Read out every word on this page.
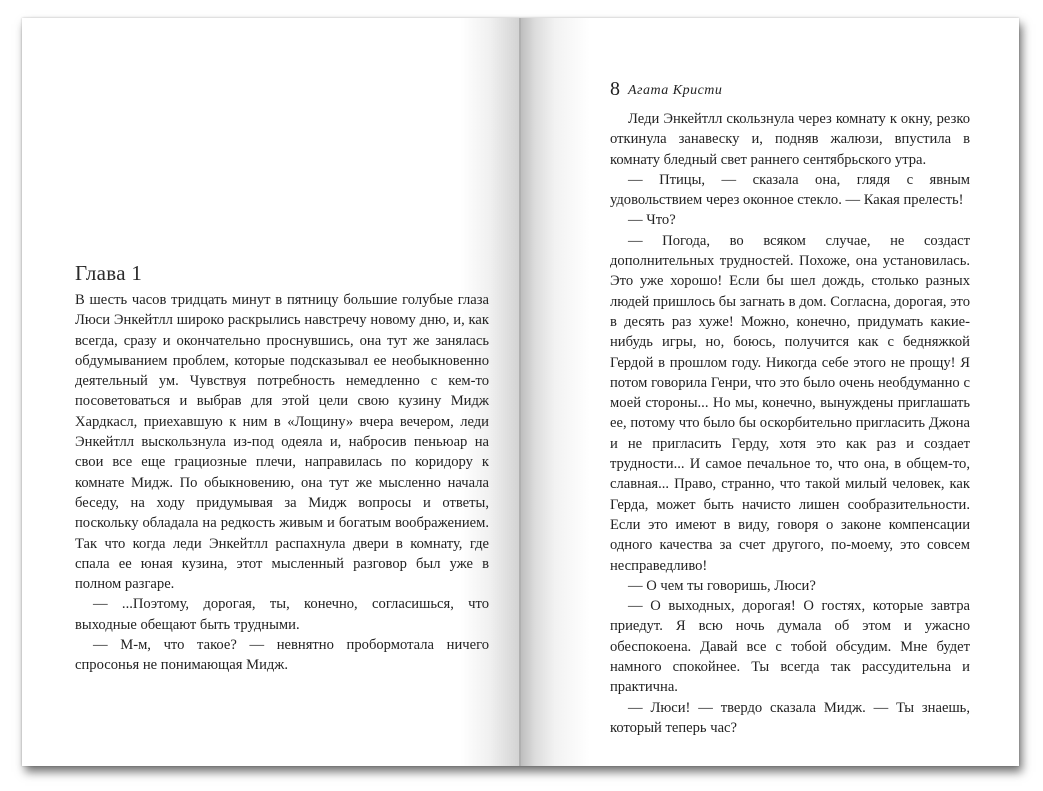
Глава 1

В шесть часов тридцать минут в пятницу большие голубые глаза Люси Энкейтлл широко раскрылись навстречу новому дню, и, как всегда, сразу и окончательно проснувшись, она тут же занялась обдумыванием проблем, которые подсказывал ее необыкновенно деятельный ум. Чувствуя потребность немедленно с кем-то посоветоваться и выбрав для этой цели свою кузину Мидж Хардкасл, приехавшую к ним в «Лощину» вчера вечером, леди Энкейтлл выскользнула из-под одеяла и, набросив пеньюар на свои все еще грациозные плечи, направилась по коридору к комнате Мидж. По обыкновению, она тут же мысленно начала беседу, на ходу придумывая за Мидж вопросы и ответы, поскольку обладала на редкость живым и богатым воображением. Так что когда леди Энкейтлл распахнула двери в комнату, где спала ее юная кузина, этот мысленный разговор был уже в полном разгаре.

— ...Поэтому, дорогая, ты, конечно, согласишься, что выходные обещают быть трудными.

— М-м, что такое? — невнятно пробормотала ничего спросонья не понимающая Мидж.

8 Агата Кристи

Леди Энкейтлл скользнула через комнату к окну, резко откинула занавеску и, подняв жалюзи, впустила в комнату бледный свет раннего сентябрьского утра.

— Птицы, — сказала она, глядя с явным удовольствием через оконное стекло. — Какая прелесть!

— Что?

— Погода, во всяком случае, не создаст дополнительных трудностей. Похоже, она установилась. Это уже хорошо! Если бы шел дождь, столько разных людей пришлось бы загнать в дом. Согласна, дорогая, это в десять раз хуже! Можно, конечно, придумать какие-нибудь игры, но, боюсь, получится как с бедняжкой Гердой в прошлом году. Никогда себе этого не прощу! Я потом говорила Генри, что это было очень необдуманно с моей стороны... Но мы, конечно, вынуждены приглашать ее, потому что было бы оскорбительно пригласить Джона и не пригласить Герду, хотя это как раз и создает трудности... И самое печальное то, что она, в общем-то, славная... Право, странно, что такой милый человек, как Герда, может быть начисто лишен сообразительности. Если это имеют в виду, говоря о законе компенсации одного качества за счет другого, по-моему, это совсем несправедливо!

— О чем ты говоришь, Люси?

— О выходных, дорогая! О гостях, которые завтра приедут. Я всю ночь думала об этом и ужасно обеспокоена. Давай все с тобой обсудим. Мне будет намного спокойнее. Ты всегда так рассудительна и практична.

— Люси! — твердо сказала Мидж. — Ты знаешь, который теперь час?
